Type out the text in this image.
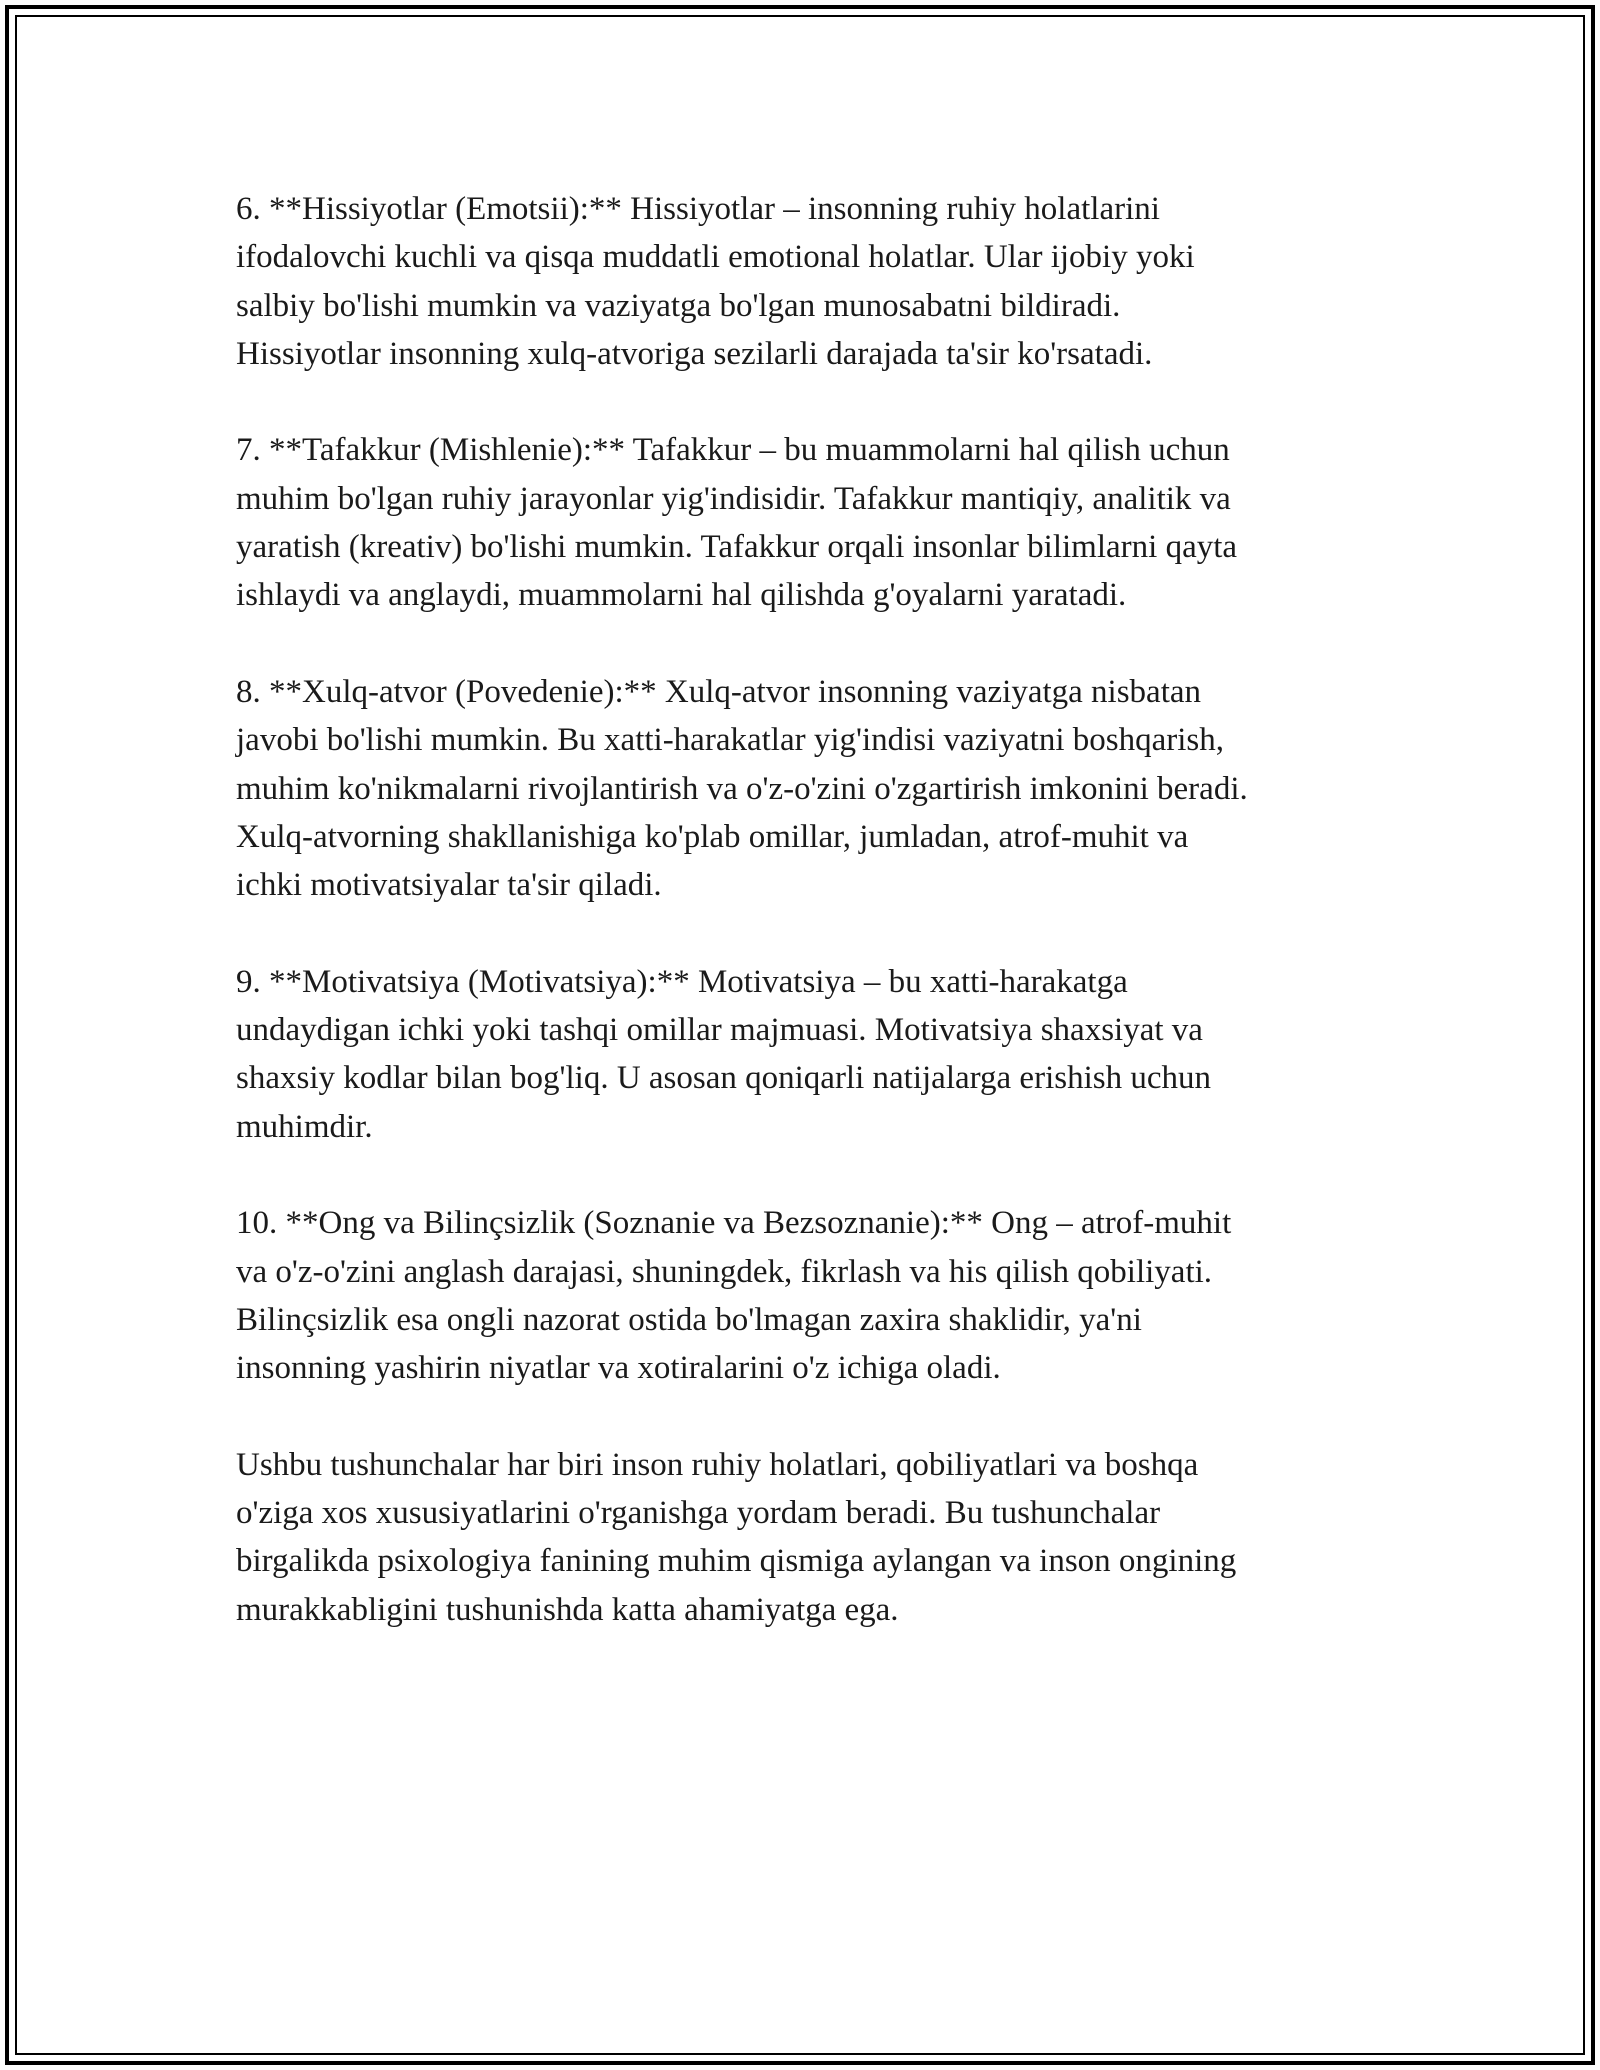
6. **Hissiyotlar (Emotsii):** Hissiyotlar – insonning ruhiy holatlarini
ifodalovchi kuchli va qisqa muddatli emotional holatlar. Ular ijobiy yoki
salbiy bo'lishi mumkin va vaziyatga bo'lgan munosabatni bildiradi.
Hissiyotlar insonning xulq-atvoriga sezilarli darajada ta'sir ko'rsatadi.

7. **Tafakkur (Mishlenie):** Tafakkur – bu muammolarni hal qilish uchun
muhim bo'lgan ruhiy jarayonlar yig'indisidir. Tafakkur mantiqiy, analitik va
yaratish (kreativ) bo'lishi mumkin. Tafakkur orqali insonlar bilimlarni qayta
ishlaydi va anglaydi, muammolarni hal qilishda g'oyalarni yaratadi.

8. **Xulq-atvor (Povedenie):** Xulq-atvor insonning vaziyatga nisbatan
javobi bo'lishi mumkin. Bu xatti-harakatlar yig'indisi vaziyatni boshqarish,
muhim ko'nikmalarni rivojlantirish va o'z-o'zini o'zgartirish imkonini beradi.
Xulq-atvorning shakllanishiga ko'plab omillar, jumladan, atrof-muhit va
ichki motivatsiyalar ta'sir qiladi.

9. **Motivatsiya (Motivatsiya):** Motivatsiya – bu xatti-harakatga
undaydigan ichki yoki tashqi omillar majmuasi. Motivatsiya shaxsiyat va
shaxsiy kodlar bilan bog'liq. U asosan qoniqarli natijalarga erishish uchun
muhimdir.

10. **Ong va Bilinçsizlik (Soznanie va Bezsoznanie):** Ong – atrof-muhit
va o'z-o'zini anglash darajasi, shuningdek, fikrlash va his qilish qobiliyati.
Bilinçsizlik esa ongli nazorat ostida bo'lmagan zaxira shaklidir, ya'ni
insonning yashirin niyatlar va xotiralarini o'z ichiga oladi.

Ushbu tushunchalar har biri inson ruhiy holatlari, qobiliyatlari va boshqa
o'ziga xos xususiyatlarini o'rganishga yordam beradi. Bu tushunchalar
birgalikda psixologiya fanining muhim qismiga aylangan va inson ongining
murakkabligini tushunishda katta ahamiyatga ega.
